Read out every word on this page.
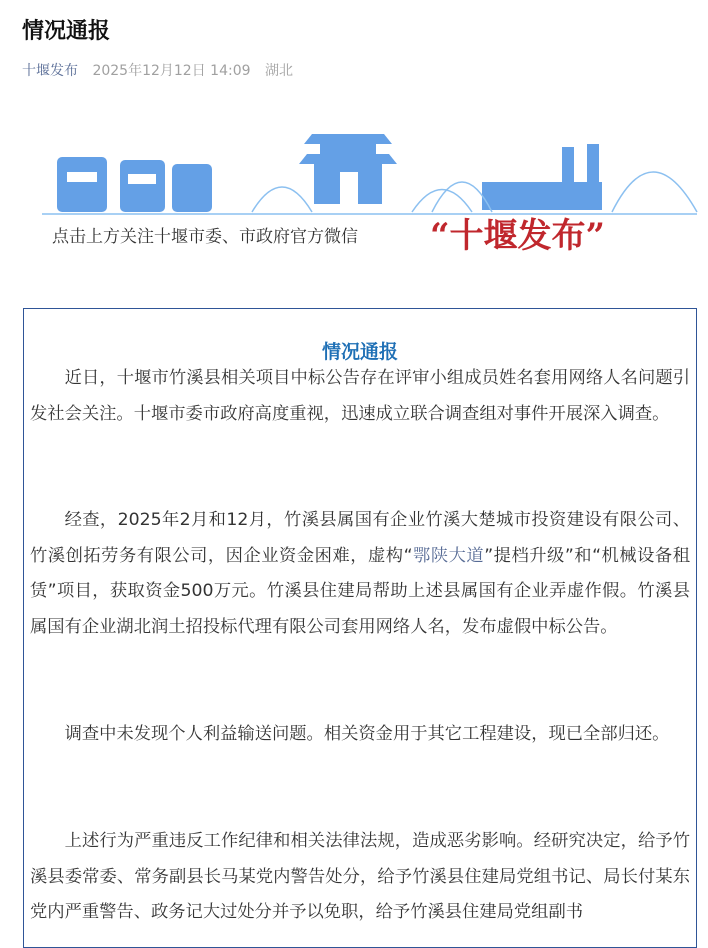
情况通报
十堰发布 2025年12月12日 14:09 湖北
点击上方关注十堰市委、市政府官方微信 “十堰发布”
情况通报

近日，十堰市竹溪县相关项目中标公告存在评审小组成员姓名套用网络人名问题引发社会关注。十堰市委市政府高度重视，迅速成立联合调查组对事件开展深入调查。

经查，2025年2月和12月，竹溪县属国有企业竹溪大楚城市投资建设有限公司、竹溪创拓劳务有限公司，因企业资金困难，虚构“鄂陕大道”提档升级”和“机械设备租赁”项目，获取资金500万元。竹溪县住建局帮助上述县属国有企业弄虚作假。竹溪县属国有企业湖北润土招投标代理有限公司套用网络人名，发布虚假中标公告。

调查中未发现个人利益输送问题。相关资金用于其它工程建设，现已全部归还。

上述行为严重违反工作纪律和相关法律法规，造成恶劣影响。经研究决定，给予竹溪县委常委、常务副县长马某党内警告处分，给予竹溪县住建局党组书记、局长付某东党内严重警告、政务记大过处分并予以免职，给予竹溪县住建局党组副书
